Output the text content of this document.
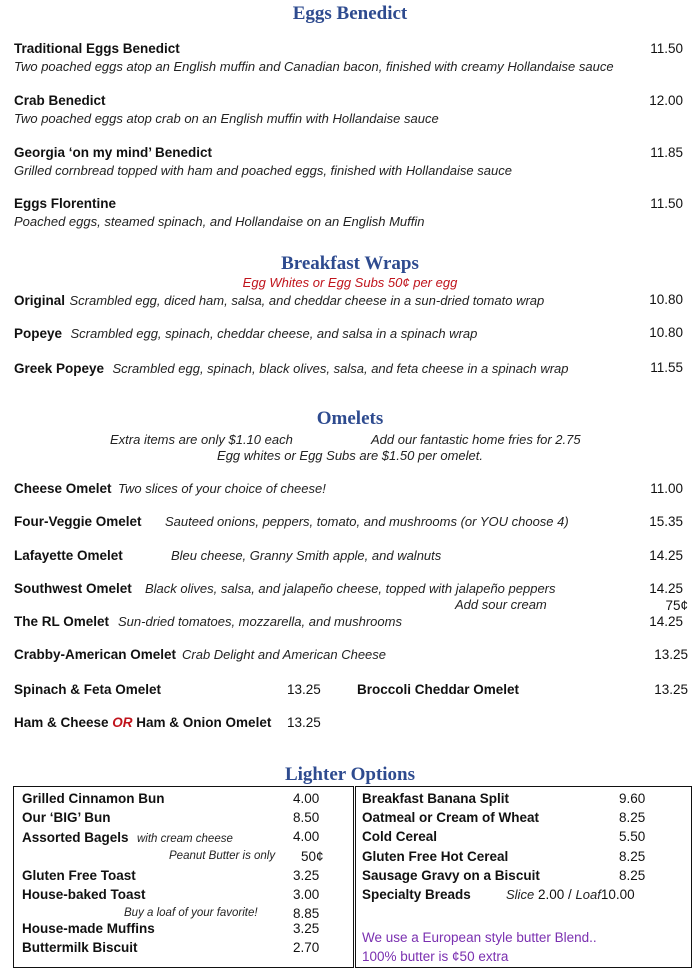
Eggs Benedict
Traditional Eggs Benedict	11.50
Two poached eggs atop an English muffin and Canadian bacon, finished with creamy Hollandaise sauce
Crab Benedict	12.00
Two poached eggs atop crab on an English muffin with Hollandaise sauce
Georgia ‘on my mind’ Benedict	11.85
Grilled cornbread topped with ham and poached eggs, finished with Hollandaise sauce
Eggs Florentine	11.50
Poached eggs, steamed spinach, and Hollandaise on an English Muffin
Breakfast Wraps
Egg Whites or Egg Subs 50¢ per egg
Original Scrambled egg, diced ham, salsa, and cheddar cheese in a sun-dried tomato wrap	10.80
Popeye Scrambled egg, spinach, cheddar cheese, and salsa in a spinach wrap	10.80
Greek Popeye Scrambled egg, spinach, black olives, salsa, and feta cheese in a spinach wrap	11.55
Omelets
Extra items are only $1.10 each	Add our fantastic home fries for 2.75
Egg whites or Egg Subs are $1.50 per omelet.
Cheese Omelet Two slices of your choice of cheese!	11.00
Four-Veggie Omelet Sauteed onions, peppers, tomato, and mushrooms (or YOU choose 4)	15.35
Lafayette Omelet	Bleu cheese, Granny Smith apple, and walnuts	14.25
Southwest Omelet Black olives, salsa, and jalapeño cheese, topped with jalapeño peppers	14.25
Add sour cream	75¢
The RL Omelet Sun-dried tomatoes, mozzarella, and mushrooms	14.25
Crabby-American Omelet Crab Delight and American Cheese	13.25
Spinach & Feta Omelet	13.25	Broccoli Cheddar Omelet	13.25
Ham & Cheese OR Ham & Onion Omelet 13.25
Lighter Options
Grilled Cinnamon Bun	4.00
Our ‘BIG’ Bun	8.50
Assorted Bagels with cream cheese	4.00
Peanut Butter is only 50¢
Gluten Free Toast	3.25
House-baked Toast	3.00
Buy a loaf of your favorite!	8.85
House-made Muffins	3.25
Buttermilk Biscuit	2.70
Breakfast Banana Split	9.60
Oatmeal or Cream of Wheat	8.25
Cold Cereal	5.50
Gluten Free Hot Cereal	8.25
Sausage Gravy on a Biscuit	8.25
Specialty Breads	Slice 2.00 / Loaf10.00
We use a European style butter Blend..
100% butter is ¢50 extra
